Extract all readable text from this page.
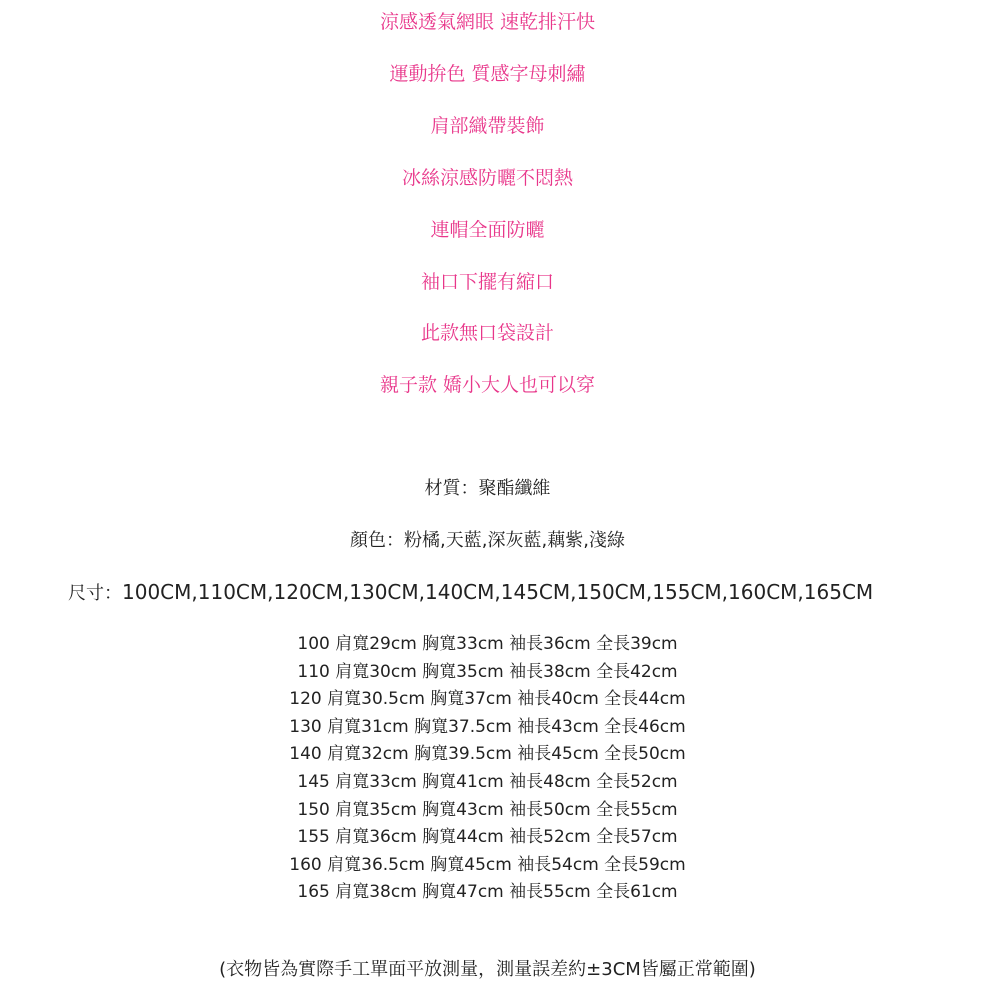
涼感透氣網眼 速乾排汗快
運動拚色 質感字母刺繡
肩部織帶裝飾
冰絲涼感防曬不悶熱
連帽全面防曬
袖口下擺有縮口
此款無口袋設計
親子款 嬌小大人也可以穿
材質：聚酯纖維
顏色：粉橘,天藍,深灰藍,藕紫,淺綠
尺寸：100CM,110CM,120CM,130CM,140CM,145CM,150CM,155CM,160CM,165CM
100 肩寬29cm 胸寬33cm 袖長36cm 全長39cm
110 肩寬30cm 胸寬35cm 袖長38cm 全長42cm
120 肩寬30.5cm 胸寬37cm 袖長40cm 全長44cm
130 肩寬31cm 胸寬37.5cm 袖長43cm 全長46cm
140 肩寬32cm 胸寬39.5cm 袖長45cm 全長50cm
145 肩寬33cm 胸寬41cm 袖長48cm 全長52cm
150 肩寬35cm 胸寬43cm 袖長50cm 全長55cm
155 肩寬36cm 胸寬44cm 袖長52cm 全長57cm
160 肩寬36.5cm 胸寬45cm 袖長54cm 全長59cm
165 肩寬38cm 胸寬47cm 袖長55cm 全長61cm
(衣物皆為實際手工單面平放測量，測量誤差約±3CM皆屬正常範圍)
